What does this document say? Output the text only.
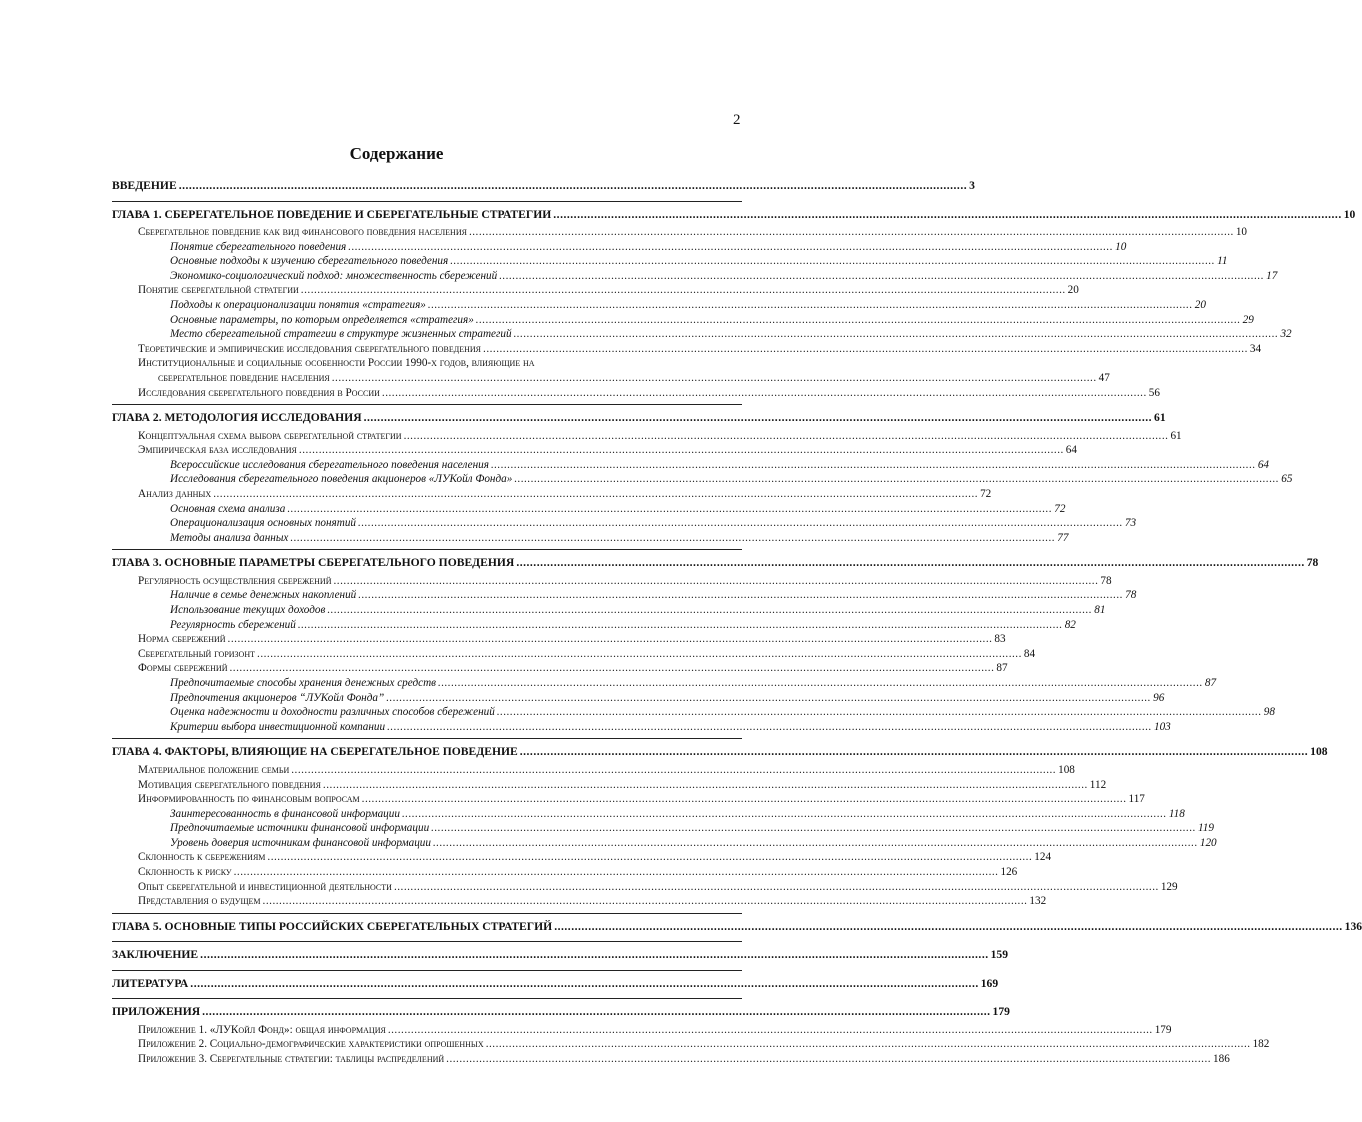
2
Содержание
ВВЕДЕНИЕ .....	3
ГЛАВА 1. СБЕРЕГАТЕЛЬНОЕ ПОВЕДЕНИЕ И СБЕРЕГАТЕЛЬНЫЕ СТРАТЕГИИ .....	10
Сберегательное поведение как вид финансового поведения населения .....	10
Понятие сберегательного поведения .....	10
Основные подходы к изучению сберегательного поведения .....	11
Экономико-социологический подход: множественность сбережений .....	17
Понятие сберегательной стратегии .....	20
Подходы к операционализации понятия «стратегия» .....	20
Основные параметры, по которым определяется «стратегия» .....	29
Место сберегательной стратегии в структуре жизненных стратегий .....	32
Теоретические и эмпирические исследования сберегательного поведения .....	34
Институциональные и социальные особенности России 1990-х годов, влияющие на
сберегательное поведение населения .....	47
Исследования сберегательного поведения в России .....	56
ГЛАВА 2. МЕТОДОЛОГИЯ ИССЛЕДОВАНИЯ .....	61
Концептуальная схема выбора сберегательной стратегии .....	61
Эмпирическая база исследования .....	64
Всероссийские исследования сберегательного поведения населения .....	64
Исследования сберегательного поведения акционеров «ЛУКойл Фонда» .....	65
Анализ данных .....	72
Основная схема анализа .....	72
Операционализация основных понятий .....	73
Методы анализа данных .....	77
ГЛАВА 3. ОСНОВНЫЕ ПАРАМЕТРЫ СБЕРЕГАТЕЛЬНОГО ПОВЕДЕНИЯ .....	78
Регулярность осуществления сбережений .....	78
Наличие в семье денежных накоплений .....	78
Использование текущих доходов .....	81
Регулярность сбережений .....	82
Норма сбережений .....	83
Сберегательный горизонт .....	84
Формы сбережений .....	87
Предпочитаемые способы хранения денежных средств .....	87
Предпочтения акционеров “ЛУКойл Фонда” .....	96
Оценка надежности и доходности различных способов сбережений .....	98
Критерии выбора инвестиционной компании .....	103
ГЛАВА 4. ФАКТОРЫ, ВЛИЯЮЩИЕ НА СБЕРЕГАТЕЛЬНОЕ ПОВЕДЕНИЕ .....	108
Материальное положение семьи .....	108
Мотивация сберегательного поведения .....	112
Информированность по финансовым вопросам .....	117
Заинтересованность в финансовой информации .....	118
Предпочитаемые источники финансовой информации .....	119
Уровень доверия источникам финансовой информации .....	120
Склонность к сбережениям .....	124
Склонность к риску .....	126
Опыт сберегательной и инвестиционной деятельности .....	129
Представления о будущем .....	132
ГЛАВА 5. ОСНОВНЫЕ ТИПЫ РОССИЙСКИХ СБЕРЕГАТЕЛЬНЫХ СТРАТЕГИЙ .....	136
ЗАКЛЮЧЕНИЕ .....	159
ЛИТЕРАТУРА .....	169
ПРИЛОЖЕНИЯ .....	179
Приложение 1. «ЛУКойл Фонд»: общая информация .....	179
Приложение 2. Социально-демографические характеристики опрошенных .....	182
Приложение 3. Сберегательные стратегии: таблицы распределений .....	186
